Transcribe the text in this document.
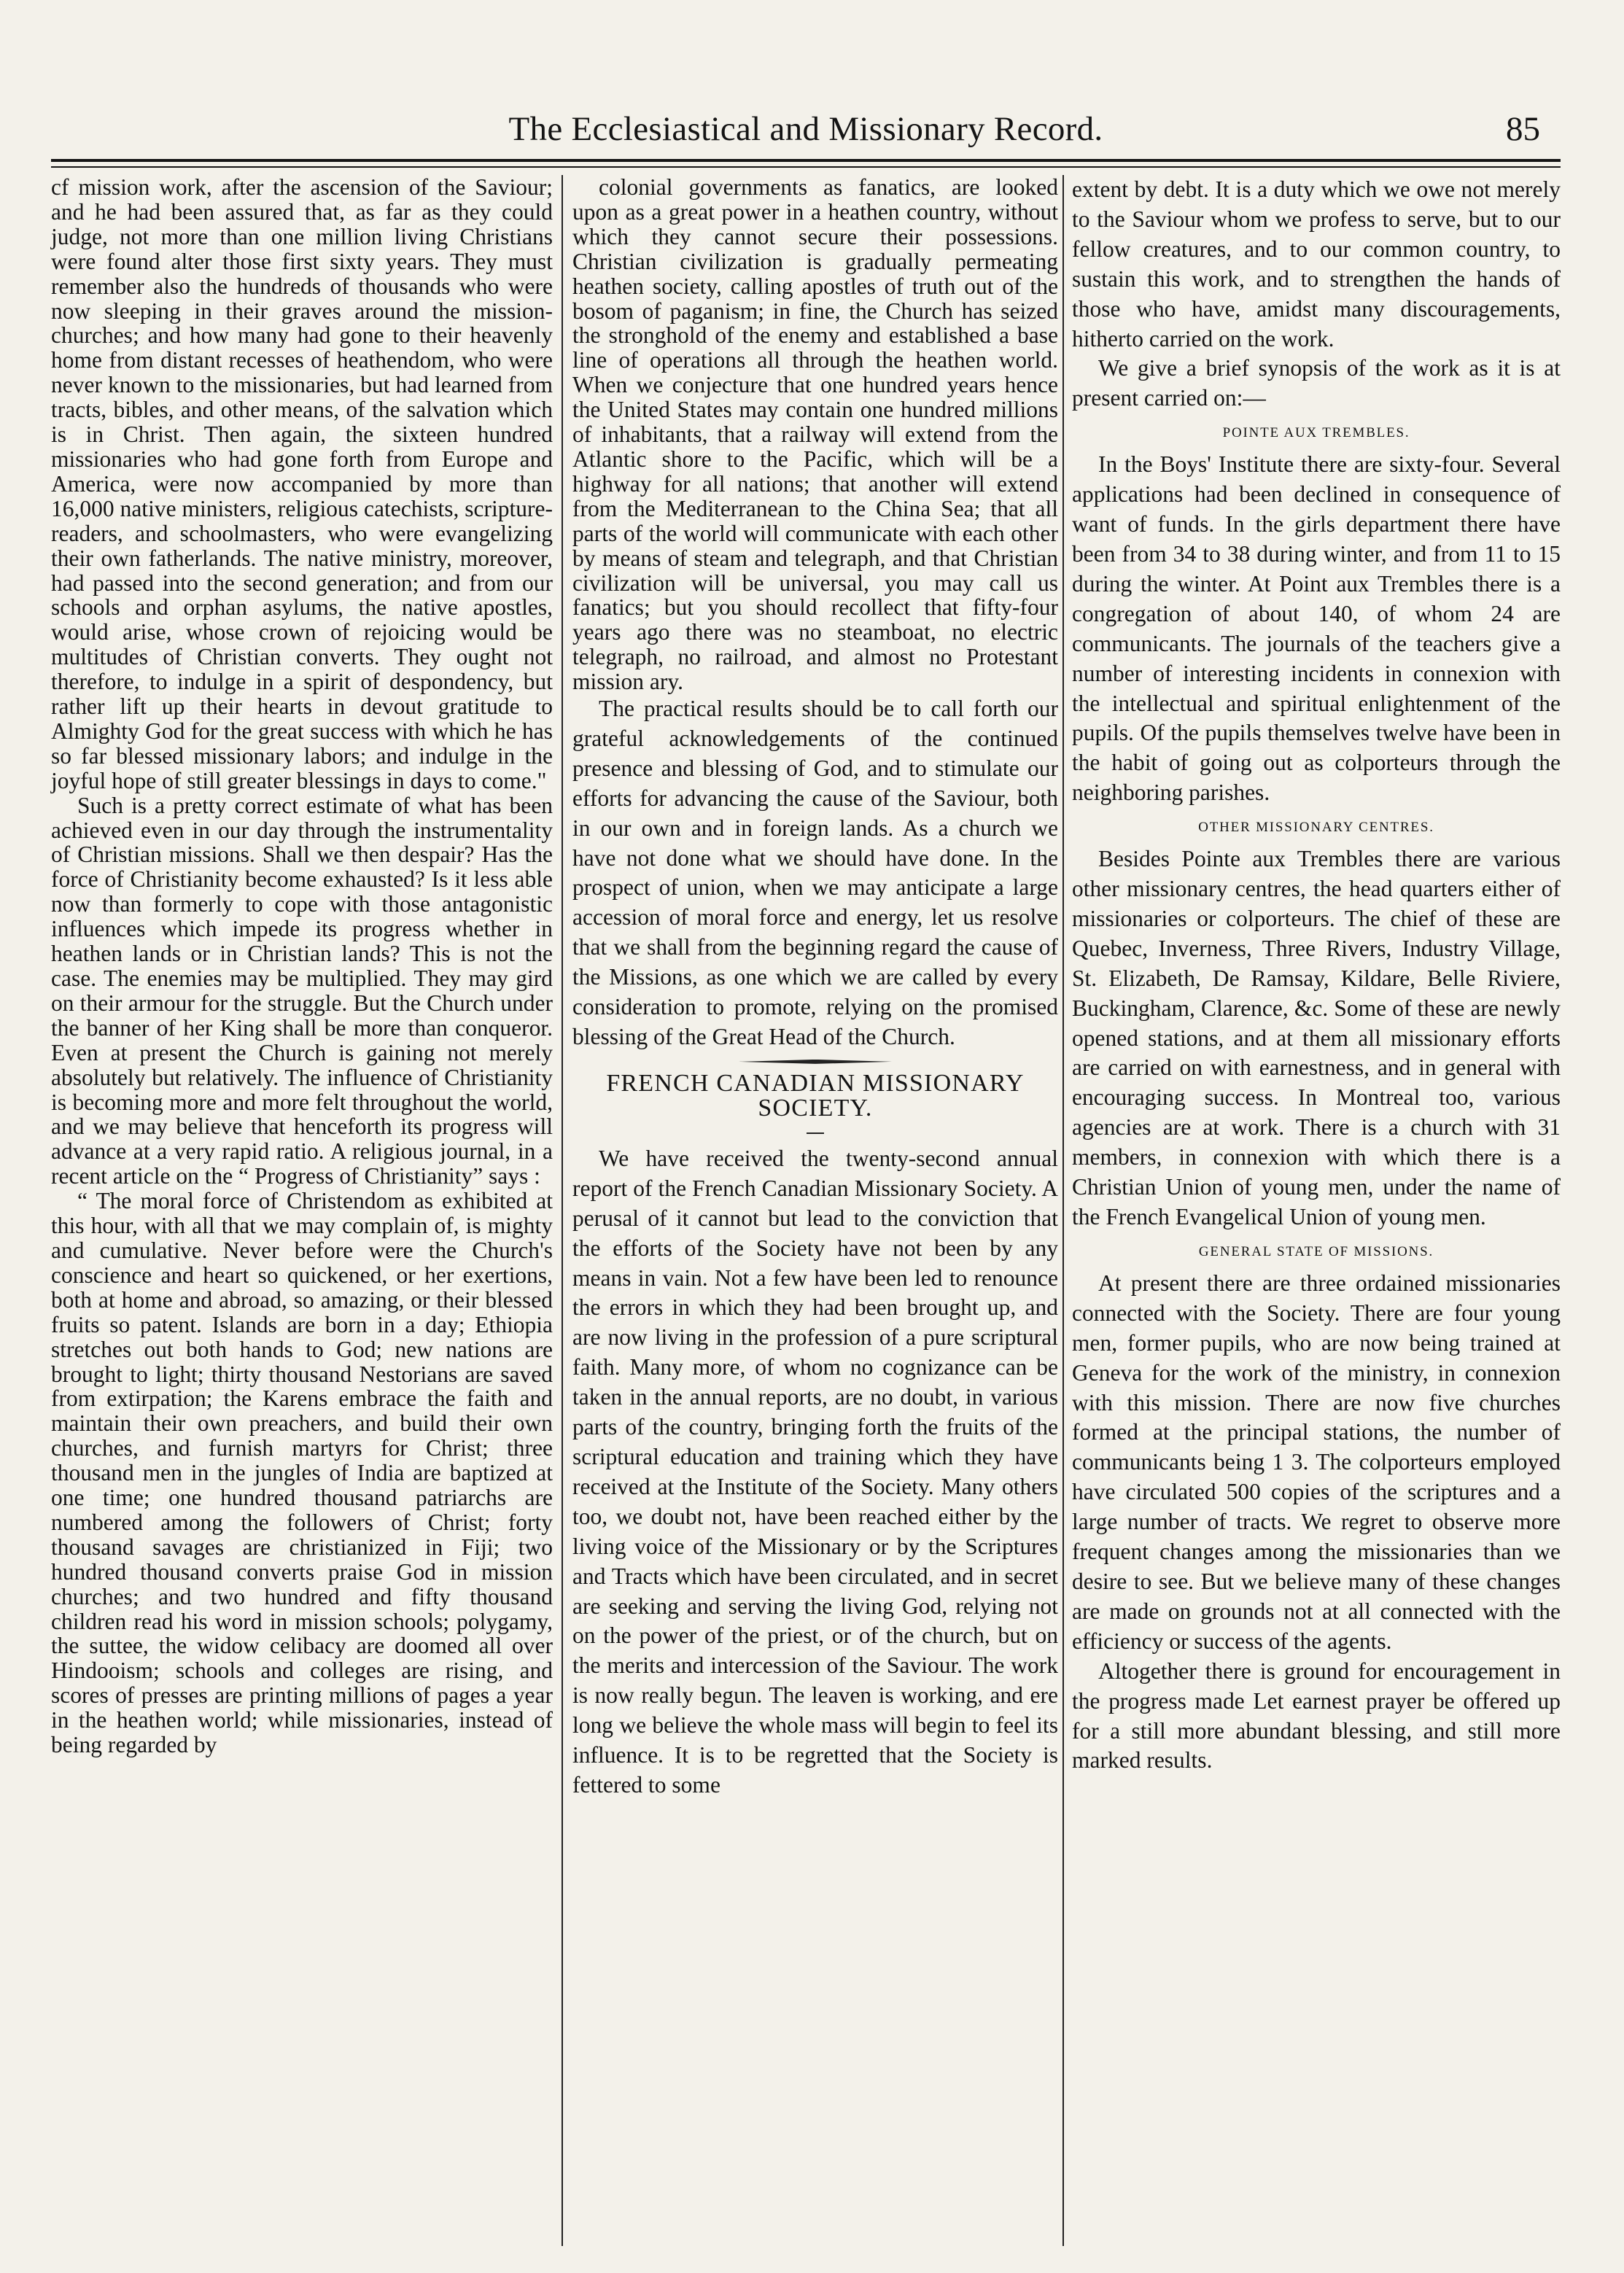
The Ecclesiastical and Missionary Record.	85

cf mission work, after the ascension of the Saviour; and he had been assured that, as far as they could judge, not more than one million living Christians were found alter those first sixty years. They must remember also the hundreds of thousands who were now sleeping in their graves around the mission-churches; and how many had gone to their heavenly home from distant recesses of heathendom, who were never known to the missionaries, but had learned from tracts, bibles, and other means, of the salvation which is in Christ. Then again, the sixteen hundred missionaries who had gone forth from Europe and America, were now accompanied by more than 16,000 native ministers, religious catechists, scripture-readers, and schoolmasters, who were evangelizing their own fatherlands. The native ministry, moreover, had passed into the second generation; and from our schools and orphan asylums, the native apostles, would arise, whose crown of rejoicing would be multitudes of Christian converts. They ought not therefore, to indulge in a spirit of despondency, but rather lift up their hearts in devout gratitude to Almighty God for the great success with which he has so far blessed missionary labors; and indulge in the joyful hope of still greater blessings in days to come."

Such is a pretty correct estimate of what has been achieved even in our day through the instrumentality of Christian missions. Shall we then despair? Has the force of Christianity become exhausted? Is it less able now than formerly to cope with those antagonistic influences which impede its progress whether in heathen lands or in Christian lands? This is not the case. The enemies may be multiplied. They may gird on their armour for the struggle. But the Church under the banner of her King shall be more than conqueror. Even at present the Church is gaining not merely absolutely but relatively. The influence of Christianity is becoming more and more felt throughout the world, and we may believe that henceforth its progress will advance at a very rapid ratio. A religious journal, in a recent article on the “ Progress of Christianity” says :

“ The moral force of Christendom as exhibited at this hour, with all that we may complain of, is mighty and cumulative. Never before were the Church's conscience and heart so quickened, or her exertions, both at home and abroad, so amazing, or their blessed fruits so patent. Islands are born in a day; Ethiopia stretches out both hands to God; new nations are brought to light; thirty thousand Nestorians are saved from extirpation; the Karens embrace the faith and maintain their own preachers, and build their own churches, and furnish martyrs for Christ; three thousand men in the jungles of India are baptized at one time; one hundred thousand patriarchs are numbered among the followers of Christ; forty thousand savages are christianized in Fiji; two hundred thousand converts praise God in mission churches; and two hundred and fifty thousand children read his word in mission schools; polygamy, the suttee, the widow celibacy are doomed all over Hindooism; schools and colleges are rising, and scores of presses are printing millions of pages a year in the heathen world; while missionaries, instead of being regarded by

colonial governments as fanatics, are looked upon as a great power in a heathen country, without which they cannot secure their possessions. Christian civilization is gradually permeating heathen society, calling apostles of truth out of the bosom of paganism; in fine, the Church has seized the stronghold of the enemy and established a base line of operations all through the heathen world. When we conjecture that one hundred years hence the United States may contain one hundred millions of inhabitants, that a railway will extend from the Atlantic shore to the Pacific, which will be a highway for all nations; that another will extend from the Mediterranean to the China Sea; that all parts of the world will communicate with each other by means of steam and telegraph, and that Christian civilization will be universal, you may call us fanatics; but you should recollect that fifty-four years ago there was no steamboat, no electric telegraph, no railroad, and almost no Protestant mission ary.

The practical results should be to call forth our grateful acknowledgements of the continued presence and blessing of God, and to stimulate our efforts for advancing the cause of the Saviour, both in our own and in foreign lands. As a church we have not done what we should have done. In the prospect of union, when we may anticipate a large accession of moral force and energy, let us resolve that we shall from the beginning regard the cause of the Missions, as one which we are called by every consideration to promote, relying on the promised blessing of the Great Head of the Church.

FRENCH CANADIAN MISSIONARY SOCIETY.

We have received the twenty-second annual report of the French Canadian Missionary Society. A perusal of it cannot but lead to the conviction that the efforts of the Society have not been by any means in vain. Not a few have been led to renounce the errors in which they had been brought up, and are now living in the profession of a pure scriptural faith. Many more, of whom no cognizance can be taken in the annual reports, are no doubt, in various parts of the country, bringing forth the fruits of the scriptural education and training which they have received at the Institute of the Society. Many others too, we doubt not, have been reached either by the living voice of the Missionary or by the Scriptures and Tracts which have been circulated, and in secret are seeking and serving the living God, relying not on the power of the priest, or of the church, but on the merits and intercession of the Saviour. The work is now really begun. The leaven is working, and ere long we believe the whole mass will begin to feel its influence. It is to be regretted that the Society is fettered to some

extent by debt. It is a duty which we owe not merely to the Saviour whom we profess to serve, but to our fellow creatures, and to our common country, to sustain this work, and to strengthen the hands of those who have, amidst many discouragements, hitherto carried on the work.

We give a brief synopsis of the work as it is at present carried on:—

POINTE AUX TREMBLES.

In the Boys' Institute there are sixty-four. Several applications had been declined in consequence of want of funds. In the girls department there have been from 34 to 38 during winter, and from 11 to 15 during the winter. At Point aux Trembles there is a congregation of about 140, of whom 24 are communicants. The journals of the teachers give a number of interesting incidents in connexion with the intellectual and spiritual enlightenment of the pupils. Of the pupils themselves twelve have been in the habit of going out as colporteurs through the neighboring parishes.

OTHER MISSIONARY CENTRES.

Besides Pointe aux Trembles there are various other missionary centres, the head quarters either of missionaries or colporteurs. The chief of these are Quebec, Inverness, Three Rivers, Industry Village, St. Elizabeth, De Ramsay, Kildare, Belle Riviere, Buckingham, Clarence, &c. Some of these are newly opened stations, and at them all missionary efforts are carried on with earnestness, and in general with encouraging success. In Montreal too, various agencies are at work. There is a church with 31 members, in connexion with which there is a Christian Union of young men, under the name of the French Evangelical Union of young men.

GENERAL STATE OF MISSIONS.

At present there are three ordained missionaries connected with the Society. There are four young men, former pupils, who are now being trained at Geneva for the work of the ministry, in connexion with this mission. There are now five churches formed at the principal stations, the number of communicants being 1 3. The colporteurs employed have circulated 500 copies of the scriptures and a large number of tracts. We regret to observe more frequent changes among the missionaries than we desire to see. But we believe many of these changes are made on grounds not at all connected with the efficiency or success of the agents.

Altogether there is ground for encouragement in the progress made Let earnest prayer be offered up for a still more abundant blessing, and still more marked results.
